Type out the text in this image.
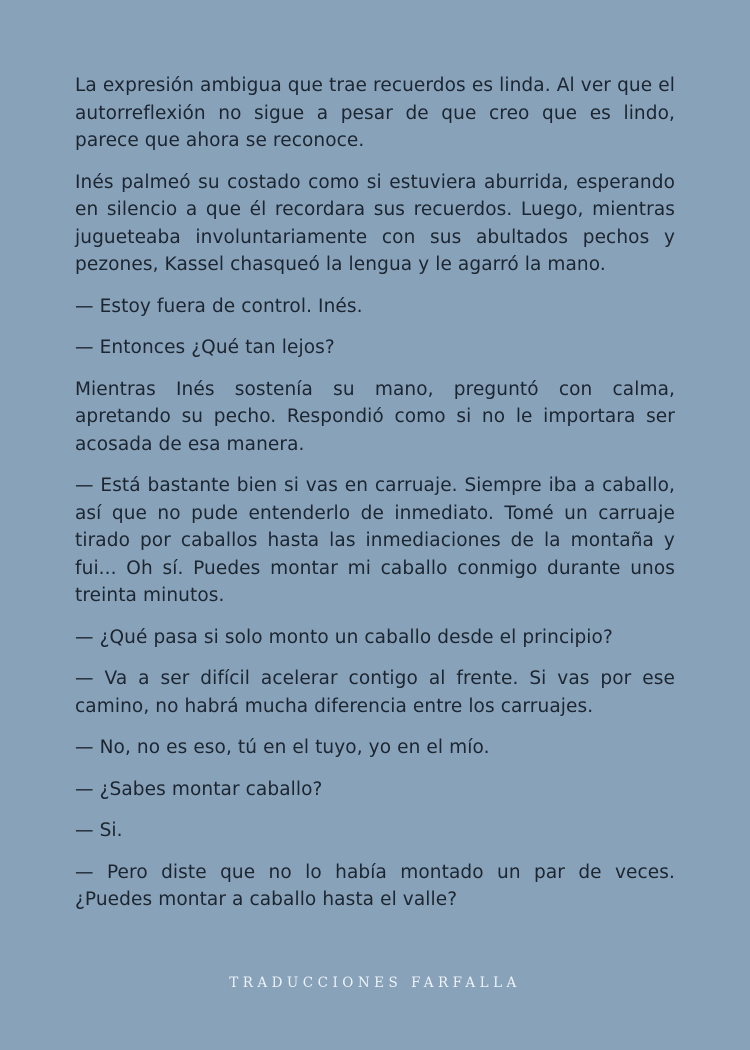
La expresión ambigua que trae recuerdos es linda. Al ver que el autorreflexión no sigue a pesar de que creo que es lindo, parece que ahora se reconoce.

Inés palmeó su costado como si estuviera aburrida, esperando en silencio a que él recordara sus recuerdos. Luego, mientras jugueteaba involuntariamente con sus abultados pechos y pezones, Kassel chasqueó la lengua y le agarró la mano.

— Estoy fuera de control. Inés.

— Entonces ¿Qué tan lejos?

Mientras Inés sostenía su mano, preguntó con calma, apretando su pecho. Respondió como si no le importara ser acosada de esa manera.

— Está bastante bien si vas en carruaje. Siempre iba a caballo, así que no pude entenderlo de inmediato. Tomé un carruaje tirado por caballos hasta las inmediaciones de la montaña y fui... Oh sí. Puedes montar mi caballo conmigo durante unos treinta minutos.

— ¿Qué pasa si solo monto un caballo desde el principio?

— Va a ser difícil acelerar contigo al frente. Si vas por ese camino, no habrá mucha diferencia entre los carruajes.

— No, no es eso, tú en el tuyo, yo en el mío.

— ¿Sabes montar caballo?

— Si.

— Pero diste que no lo había montado un par de veces. ¿Puedes montar a caballo hasta el valle?

TRADUCCIONES FARFALLA
